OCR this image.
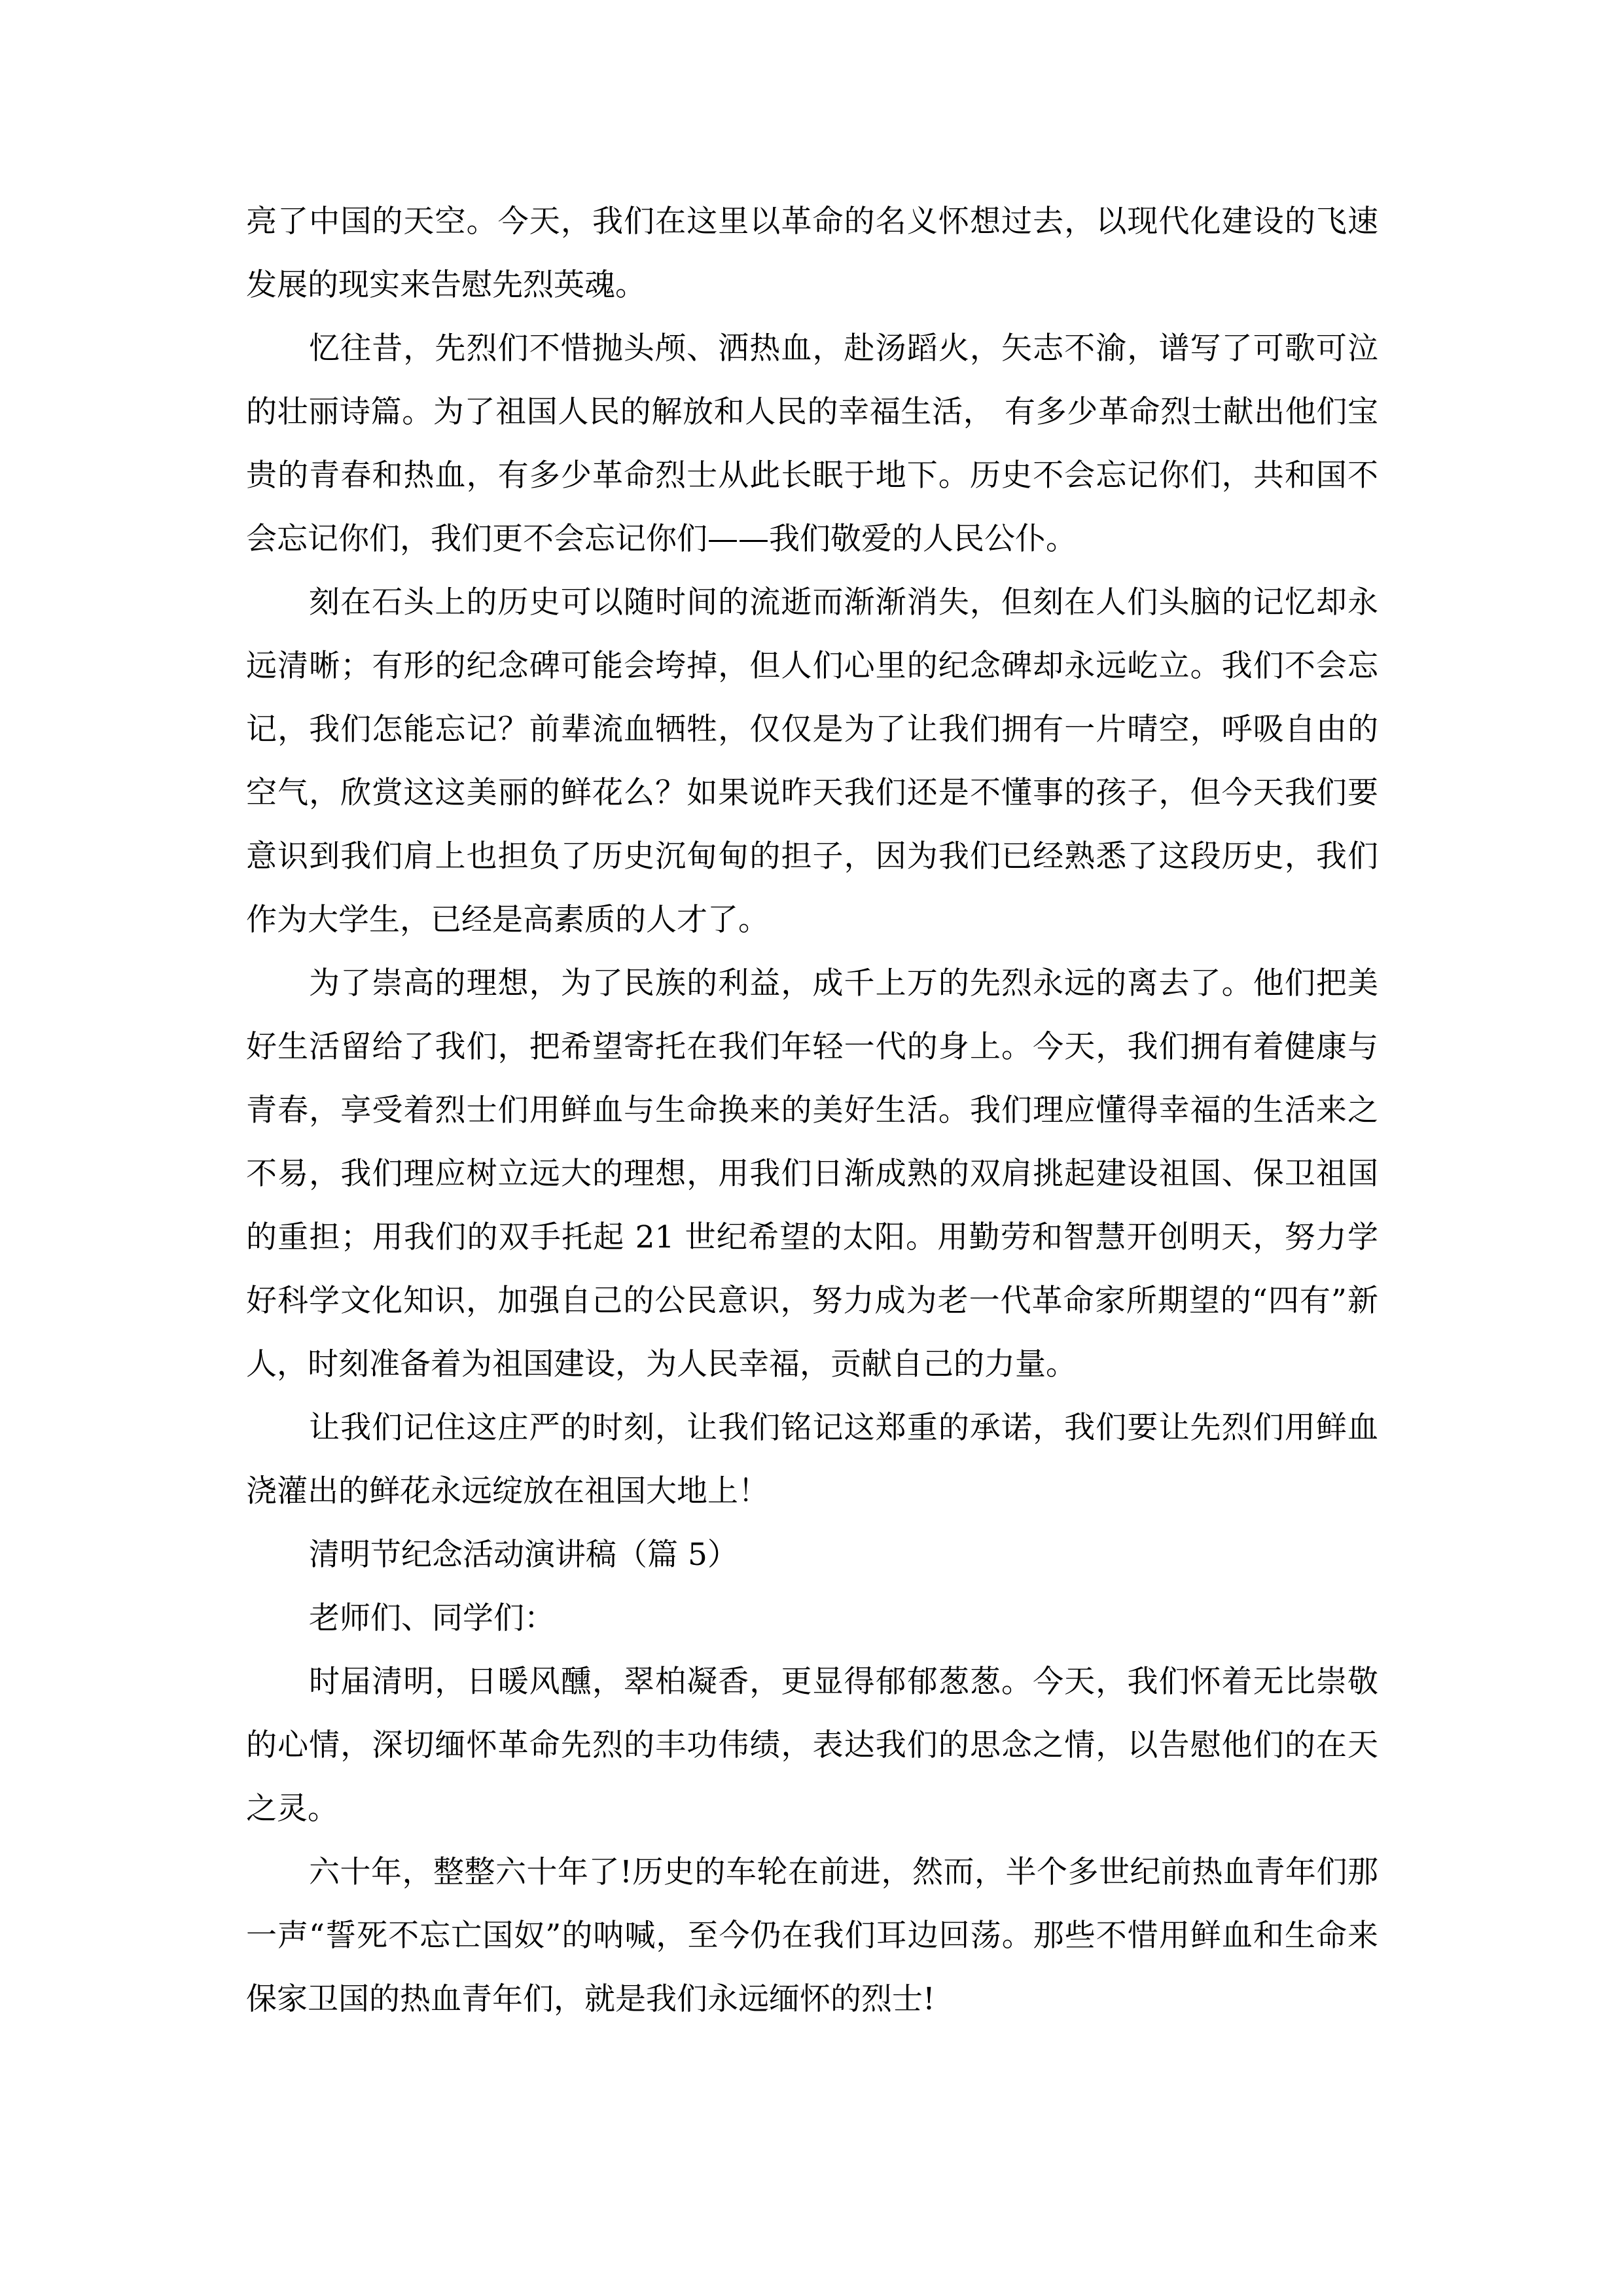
亮了中国的天空。今天，我们在这里以革命的名义怀想过去，以现代化建设的飞速发展的现实来告慰先烈英魂。

忆往昔，先烈们不惜抛头颅、洒热血，赴汤蹈火，矢志不渝，谱写了可歌可泣的壮丽诗篇。为了祖国人民的解放和人民的幸福生活， 有多少革命烈士献出他们宝贵的青春和热血，有多少革命烈士从此长眠于地下。历史不会忘记你们，共和国不会忘记你们，我们更不会忘记你们——我们敬爱的人民公仆。

刻在石头上的历史可以随时间的流逝而渐渐消失，但刻在人们头脑的记忆却永远清晰；有形的纪念碑可能会垮掉，但人们心里的纪念碑却永远屹立。我们不会忘记，我们怎能忘记？前辈流血牺牲，仅仅是为了让我们拥有一片晴空，呼吸自由的空气，欣赏这这美丽的鲜花么？如果说昨天我们还是不懂事的孩子，但今天我们要意识到我们肩上也担负了历史沉甸甸的担子，因为我们已经熟悉了这段历史，我们作为大学生，已经是高素质的人才了。

为了崇高的理想，为了民族的利益，成千上万的先烈永远的离去了。他们把美好生活留给了我们，把希望寄托在我们年轻一代的身上。今天，我们拥有着健康与青春，享受着烈士们用鲜血与生命换来的美好生活。我们理应懂得幸福的生活来之不易，我们理应树立远大的理想，用我们日渐成熟的双肩挑起建设祖国、保卫祖国的重担；用我们的双手托起 21 世纪希望的太阳。用勤劳和智慧开创明天，努力学好科学文化知识，加强自己的公民意识，努力成为老一代革命家所期望的“四有”新人，时刻准备着为祖国建设，为人民幸福，贡献自己的力量。

让我们记住这庄严的时刻，让我们铭记这郑重的承诺，我们要让先烈们用鲜血浇灌出的鲜花永远绽放在祖国大地上！

清明节纪念活动演讲稿（篇 5）

老师们、同学们：

时届清明，日暖风醺，翠柏凝香，更显得郁郁葱葱。今天，我们怀着无比崇敬的心情，深切缅怀革命先烈的丰功伟绩，表达我们的思念之情，以告慰他们的在天之灵。

六十年，整整六十年了!历史的车轮在前进，然而，半个多世纪前热血青年们那一声“誓死不忘亡国奴”的呐喊，至今仍在我们耳边回荡。那些不惜用鲜血和生命来保家卫国的热血青年们，就是我们永远缅怀的烈士!
